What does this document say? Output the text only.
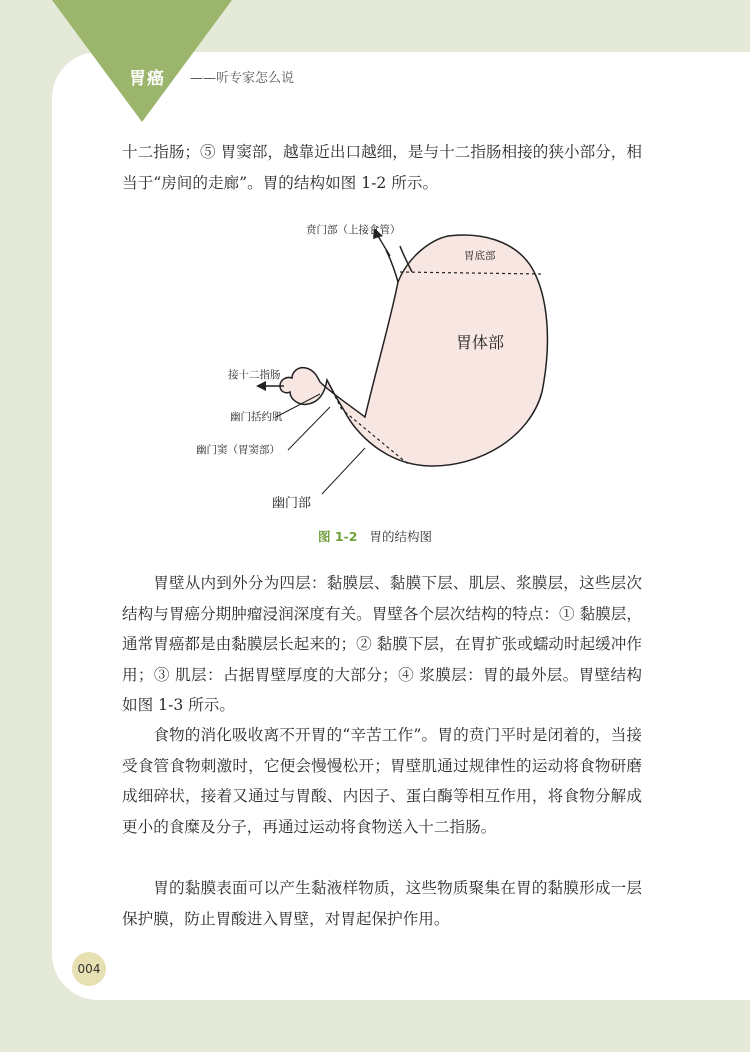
胃癌	——听专家怎么说

十二指肠；⑤ 胃窦部，越靠近出口越细，是与十二指肠相接的狭小部分，相当于“房间的走廊”。胃的结构如图 1-2 所示。

贲门部（上接食管）
胃底部
胃体部
接十二指肠
幽门括约肌
幽门窦（胃窦部）
幽门部
图 1-2 胃的结构图

胃壁从内到外分为四层：黏膜层、黏膜下层、肌层、浆膜层，这些层次结构与胃癌分期肿瘤浸润深度有关。胃壁各个层次结构的特点：① 黏膜层，通常胃癌都是由黏膜层长起来的；② 黏膜下层，在胃扩张或蠕动时起缓冲作用；③ 肌层：占据胃壁厚度的大部分；④ 浆膜层：胃的最外层。胃壁结构如图 1-3 所示。

食物的消化吸收离不开胃的“辛苦工作”。胃的贲门平时是闭着的，当接受食管食物刺激时，它便会慢慢松开；胃壁肌通过规律性的运动将食物研磨成细碎状，接着又通过与胃酸、内因子、蛋白酶等相互作用，将食物分解成更小的食糜及分子，再通过运动将食物送入十二指肠。

胃的黏膜表面可以产生黏液样物质，这些物质聚集在胃的黏膜形成一层保护膜，防止胃酸进入胃壁，对胃起保护作用。

004
